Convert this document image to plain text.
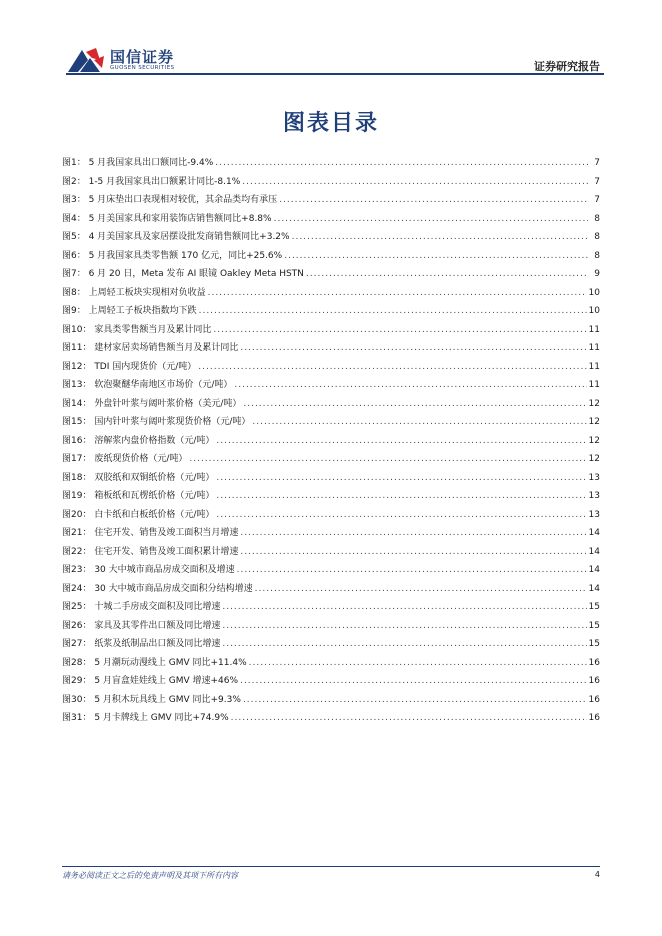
国信证券
GUOSEN SECURITIES	证券研究报告
图表目录
图1： 5 月我国家具出口额同比-9.4% .....	7
图2： 1-5 月我国家具出口额累计同比-8.1% .....	7
图3： 5 月床垫出口表现相对较优，其余品类均有承压 .....	7
图4： 5 月美国家具和家用装饰店销售额同比+8.8% .....	8
图5： 4 月美国家具及家居摆设批发商销售额同比+3.2% .....	8
图6： 5 月我国家具类零售额 170 亿元，同比+25.6% .....	8
图7： 6 月 20 日，Meta 发布 AI 眼镜 Oakley Meta HSTN .....	9
图8： 上周轻工板块实现相对负收益 .....	10
图9： 上周轻工子板块指数均下跌 .....	10
图10： 家具类零售额当月及累计同比 .....	11
图11： 建材家居卖场销售额当月及累计同比 .....	11
图12： TDI 国内现货价（元/吨） .....	11
图13： 软泡聚醚华南地区市场价（元/吨） .....	11
图14： 外盘针叶浆与阔叶浆价格（美元/吨） .....	12
图15： 国内针叶浆与阔叶浆现货价格（元/吨） .....	12
图16： 溶解浆内盘价格指数（元/吨） .....	12
图17： 废纸现货价格（元/吨） .....	12
图18： 双胶纸和双铜纸价格（元/吨） .....	13
图19： 箱板纸和瓦楞纸价格（元/吨） .....	13
图20： 白卡纸和白板纸价格（元/吨） .....	13
图21： 住宅开发、销售及竣工面积当月增速 .....	14
图22： 住宅开发、销售及竣工面积累计增速 .....	14
图23： 30 大中城市商品房成交面积及增速 .....	14
图24： 30 大中城市商品房成交面积分结构增速 .....	14
图25： 十城二手房成交面积及同比增速 .....	15
图26： 家具及其零件出口额及同比增速 .....	15
图27： 纸浆及纸制品出口额及同比增速 .....	15
图28： 5 月潮玩动漫线上 GMV 同比+11.4% .....	16
图29： 5 月盲盒娃娃线上 GMV 增速+46% .....	16
图30： 5 月积木玩具线上 GMV 同比+9.3% .....	16
图31： 5 月卡牌线上 GMV 同比+74.9% .....	16
请务必阅读正文之后的免责声明及其项下所有内容	4
